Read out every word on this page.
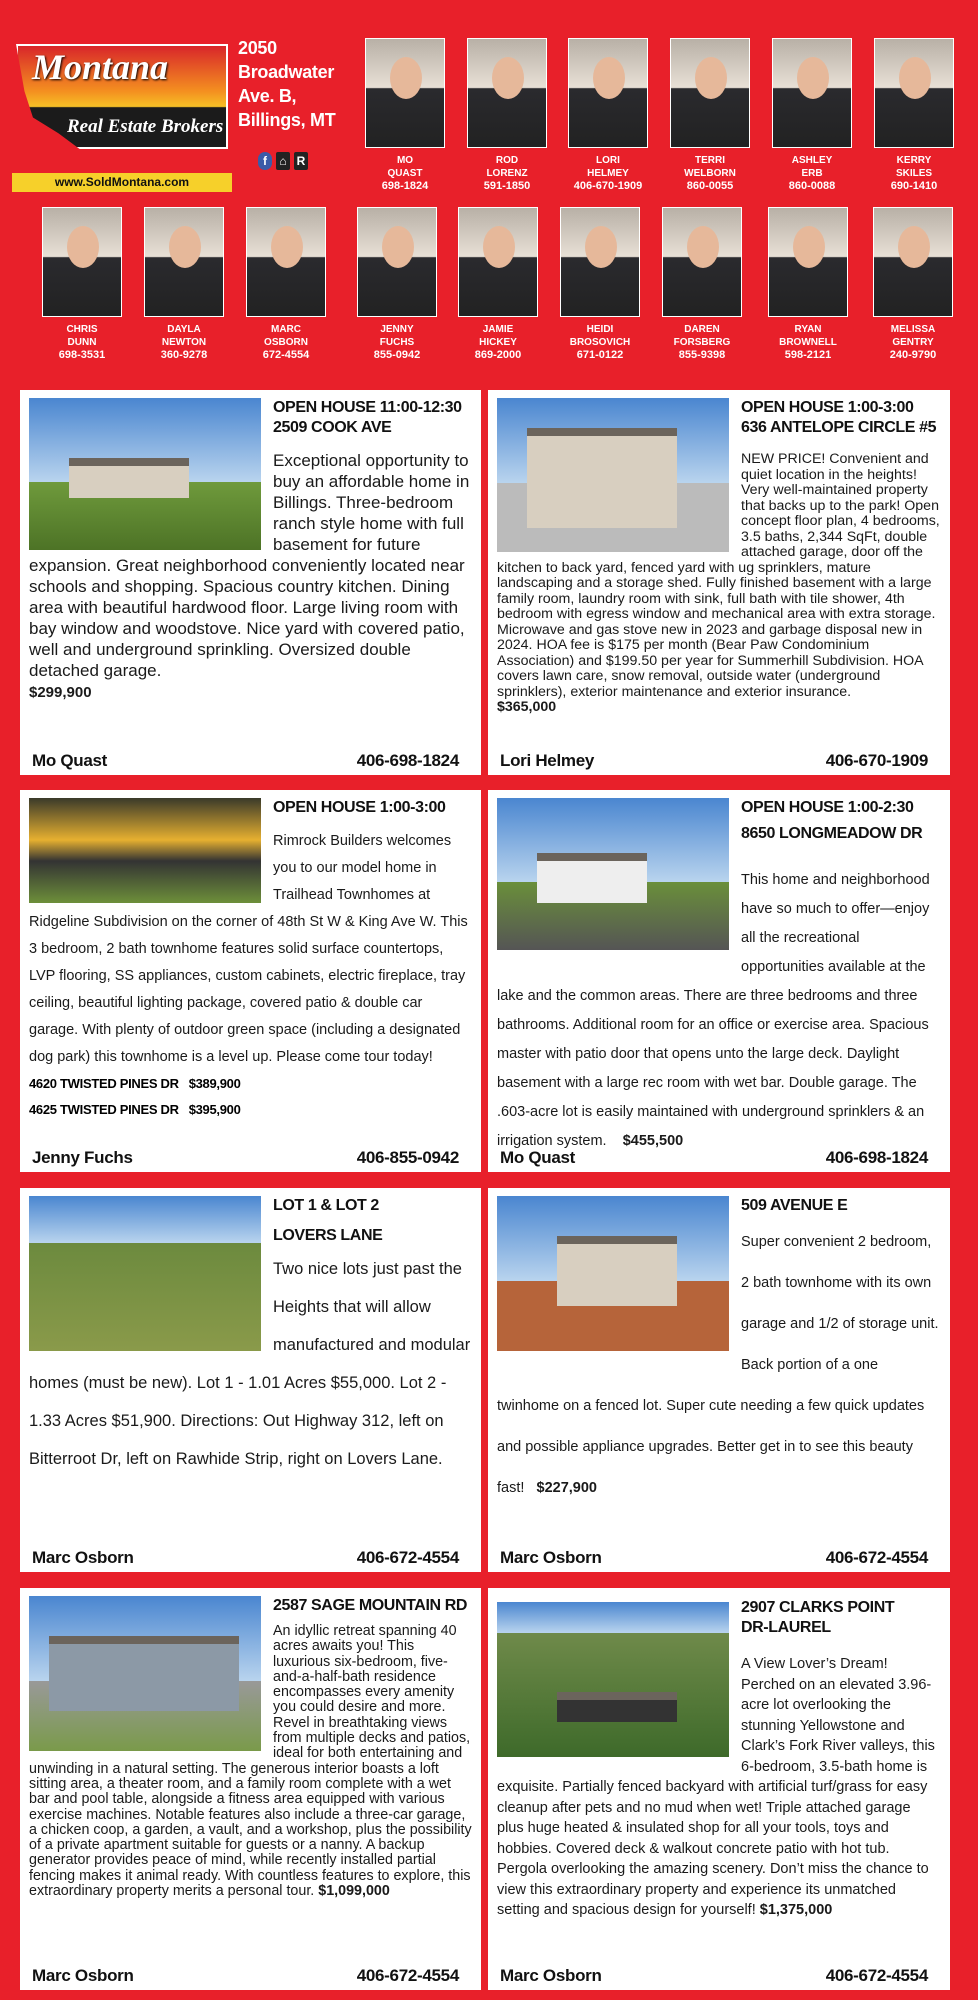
Montana
Real Estate Brokers
www.SoldMontana.com
2050
Broadwater
Ave. B,
Billings, MT
f	⌂ R	MO
QUAST
698-1824
ROD
LORENZ
591-1850
LORI
HELMEY
406-670-1909
TERRI
WELBORN
860-0055
ASHLEY
ERB
860-0088
KERRY
SKILES
690-1410
CHRIS
DUNN
698-3531
DAYLA
NEWTON
360-9278
MARC
OSBORN
672-4554
JENNY
FUCHS
855-0942
JAMIE
HICKEY
869-2000
HEIDI
BROSOVICH
671-0122
DAREN
FORSBERG
855-9398
RYAN
BROWNELL
598-2121
MELISSA
GENTRY
240-9790
OPEN HOUSE 11:00-12:30
2509 COOK AVE
Exceptional opportunity to buy an affordable home in Billings. Three-bedroom ranch style home with full basement for future expansion. Great neighborhood conveniently located near schools and shopping. Spacious country kitchen. Dining area with beautiful hardwood floor. Large living room with bay window and woodstove. Nice yard with covered patio, well and underground sprinkling. Oversized double detached garage.
$299,900
Mo Quast	406-698-1824
OPEN HOUSE 1:00-3:00
636 ANTELOPE CIRCLE #5
NEW PRICE! Convenient and quiet location in the heights! Very well-maintained property that backs up to the park! Open concept floor plan, 4 bedrooms, 3.5 baths, 2,344 SqFt, double attached garage, door off the kitchen to back yard, fenced yard with ug sprinklers, mature landscaping and a storage shed. Fully finished basement with a large family room, laundry room with sink, full bath with tile shower, 4th bedroom with egress window and mechanical area with extra storage. Microwave and gas stove new in 2023 and garbage disposal new in 2024. HOA fee is $175 per month (Bear Paw Condominium Association) and $199.50 per year for Summerhill Subdivision. HOA covers lawn care, snow removal, outside water (underground sprinklers), exterior maintenance and exterior insurance.
$365,000
Lori Helmey	406-670-1909
OPEN HOUSE 1:00-3:00
Rimrock Builders welcomes you to our model home in Trailhead Townhomes at Ridgeline Subdivision on the corner of 48th St W & King Ave W. This 3 bedroom, 2 bath townhome features solid surface countertops, LVP flooring, SS appliances, custom cabinets, electric fireplace, tray ceiling, beautiful lighting package, covered patio & double car garage. With plenty of outdoor green space (including a designated dog park) this townhome is a level up. Please come tour today!
4620 TWISTED PINES DR $389,900
4625 TWISTED PINES DR $395,900
Jenny Fuchs	406-855-0942
OPEN HOUSE 1:00-2:30
8650 LONGMEADOW DR
This home and neighborhood have so much to offer—enjoy all the recreational opportunities available at the lake and the common areas. There are three bedrooms and three bathrooms. Additional room for an office or exercise area. Spacious master with patio door that opens unto the large deck. Daylight basement with a large rec room with wet bar. Double garage. The .603-acre lot is easily maintained with underground sprinklers & an irrigation system. $455,500
Mo Quast	406-698-1824
LOT 1 & LOT 2
LOVERS LANE
Two nice lots just past the Heights that will allow manufactured and modular homes (must be new). Lot 1 - 1.01 Acres $55,000. Lot 2 - 1.33 Acres $51,900. Directions: Out Highway 312, left on Bitterroot Dr, left on Rawhide Strip, right on Lovers Lane.
Marc Osborn	406-672-4554
509 AVENUE E
Super convenient 2 bedroom, 2 bath townhome with its own garage and 1/2 of storage unit. Back portion of a one twinhome on a fenced lot. Super cute needing a few quick updates and possible appliance upgrades. Better get in to see this beauty fast! $227,900
Marc Osborn	406-672-4554
2587 SAGE MOUNTAIN RD
An idyllic retreat spanning 40 acres awaits you! This luxurious six-bedroom, five-and-a-half-bath residence encompasses every amenity you could desire and more. Revel in breathtaking views from multiple decks and patios, ideal for both entertaining and unwinding in a natural setting. The generous interior boasts a loft sitting area, a theater room, and a family room complete with a wet bar and pool table, alongside a fitness area equipped with various exercise machines. Notable features also include a three-car garage, a chicken coop, a garden, a vault, and a workshop, plus the possibility of a private apartment suitable for guests or a nanny. A backup generator provides peace of mind, while recently installed partial fencing makes it animal ready. With countless features to explore, this extraordinary property merits a personal tour. $1,099,000
Marc Osborn	406-672-4554
2907 CLARKS POINT
DR-LAUREL
A View Lover’s Dream! Perched on an elevated 3.96-acre lot overlooking the stunning Yellowstone and Clark’s Fork River valleys, this 6-bedroom, 3.5-bath home is exquisite. Partially fenced backyard with artificial turf/grass for easy cleanup after pets and no mud when wet! Triple attached garage plus huge heated & insulated shop for all your tools, toys and hobbies. Covered deck & walkout concrete patio with hot tub. Pergola overlooking the amazing scenery. Don’t miss the chance to view this extraordinary property and experience its unmatched setting and spacious design for yourself! $1,375,000
Marc Osborn	406-672-4554
